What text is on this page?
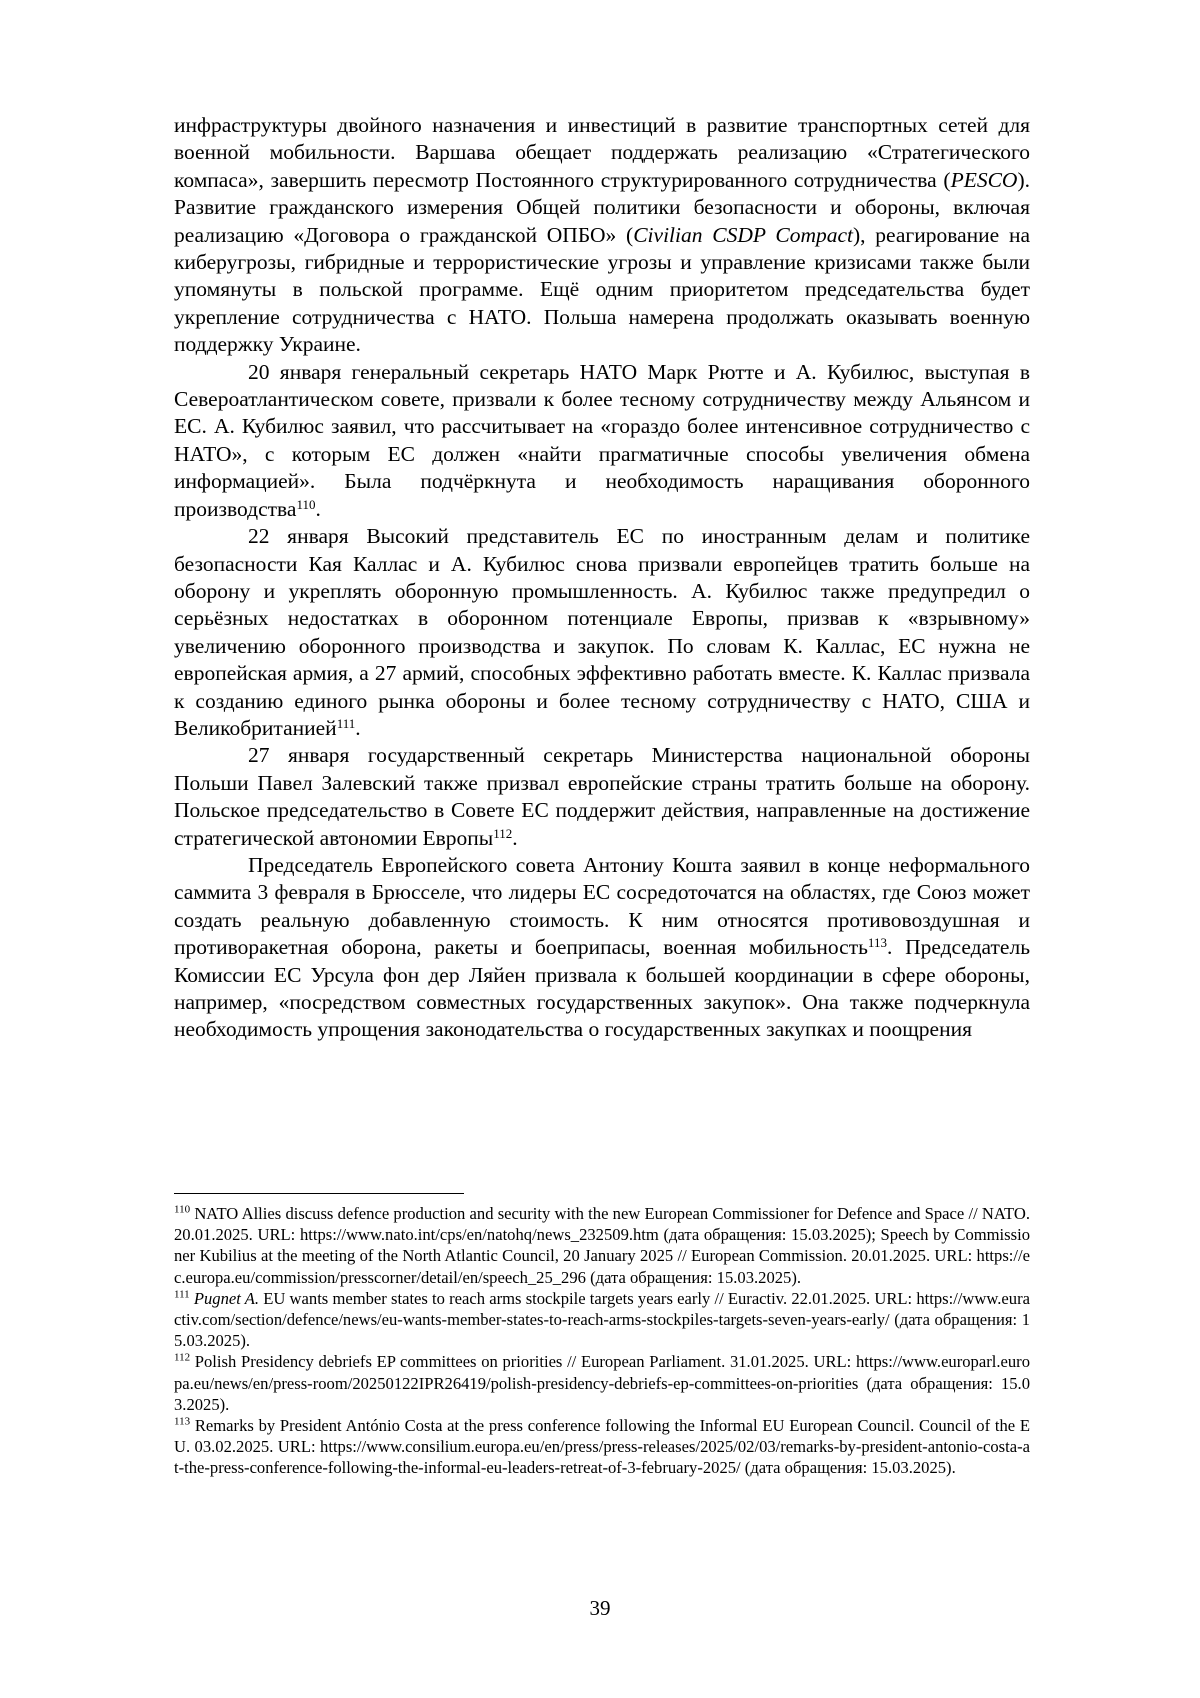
инфраструктуры двойного назначения и инвестиций в развитие транспортных сетей для военной мобильности. Варшава обещает поддержать реализацию «Стратегического компаса», завершить пересмотр Постоянного структурированного сотрудничества (PESCO). Развитие гражданского измерения Общей политики безопасности и обороны, включая реализацию «Договора о гражданской ОПБО» (Civilian CSDP Compact), реагирование на киберугрозы, гибридные и террористические угрозы и управление кризисами также были упомянуты в польской программе. Ещё одним приоритетом председательства будет укрепление сотрудничества с НАТО. Польша намерена продолжать оказывать военную поддержку Украине.

20 января генеральный секретарь НАТО Марк Рютте и А. Кубилюс, выступая в Североатлантическом совете, призвали к более тесному сотрудничеству между Альянсом и ЕС. А. Кубилюс заявил, что рассчитывает на «гораздо более интенсивное сотрудничество с НАТО», с которым ЕС должен «найти прагматичные способы увеличения обмена информацией». Была подчёркнута и необходимость наращивания оборонного производства$^{110}$.

22 января Высокий представитель ЕС по иностранным делам и политике безопасности Кая Каллас и А. Кубилюс снова призвали европейцев тратить больше на оборону и укреплять оборонную промышленность. А. Кубилюс также предупредил о серьёзных недостатках в оборонном потенциале Европы, призвав к «взрывному» увеличению оборонного производства и закупок. По словам К. Каллас, ЕС нужна не европейская армия, а 27 армий, способных эффективно работать вместе. К. Каллас призвала к созданию единого рынка обороны и более тесному сотрудничеству с НАТО, США и Великобританией$^{111}$.

27 января государственный секретарь Министерства национальной обороны Польши Павел Залевский также призвал европейские страны тратить больше на оборону. Польское председательство в Совете ЕС поддержит действия, направленные на достижение стратегической автономии Европы$^{112}$.

Председатель Европейского совета Антониу Кошта заявил в конце неформального саммита 3 февраля в Брюсселе, что лидеры ЕС сосредоточатся на областях, где Союз может создать реальную добавленную стоимость. К ним относятся противовоздушная и противоракетная оборона, ракеты и боеприпасы, военная мобильность$^{113}$. Председатель Комиссии ЕС Урсула фон дер Ляйен призвала к большей координации в сфере обороны, например, «посредством совместных государственных закупок». Она также подчеркнула необходимость упрощения законодательства о государственных закупках и поощрения

$^{110}$ NATO Allies discuss defence production and security with the new European Commissioner for Defence and Space // NATO. 20.01.2025. URL: https://www.nato.int/cps/en/natohq/news_232509.htm (дата обращения: 15.03.2025); Speech by Commissioner Kubilius at the meeting of the North Atlantic Council, 20 January 2025 // European Commission. 20.01.2025. URL: https://ec.europa.eu/commission/presscorner/detail/en/speech_25_296 (дата обращения: 15.03.2025).

$^{111}$ Pugnet A. EU wants member states to reach arms stockpile targets years early // Euractiv. 22.01.2025. URL: https://www.euractiv.com/section/defence/news/eu-wants-member-states-to-reach-arms-stockpiles-targets-seven-years-early/ (дата обращения: 15.03.2025).

$^{112}$ Polish Presidency debriefs EP committees on priorities // European Parliament. 31.01.2025. URL: https://www.europarl.europa.eu/news/en/press-room/20250122IPR26419/polish-presidency-debriefs-ep-committees-on-priorities (дата обращения: 15.03.2025).

$^{113}$ Remarks by President António Costa at the press conference following the Informal EU European Council. Council of the EU. 03.02.2025. URL: https://www.consilium.europa.eu/en/press/press-releases/2025/02/03/remarks-by-president-antonio-costa-at-the-press-conference-following-the-informal-eu-leaders-retreat-of-3-february-2025/ (дата обращения: 15.03.2025).

39
